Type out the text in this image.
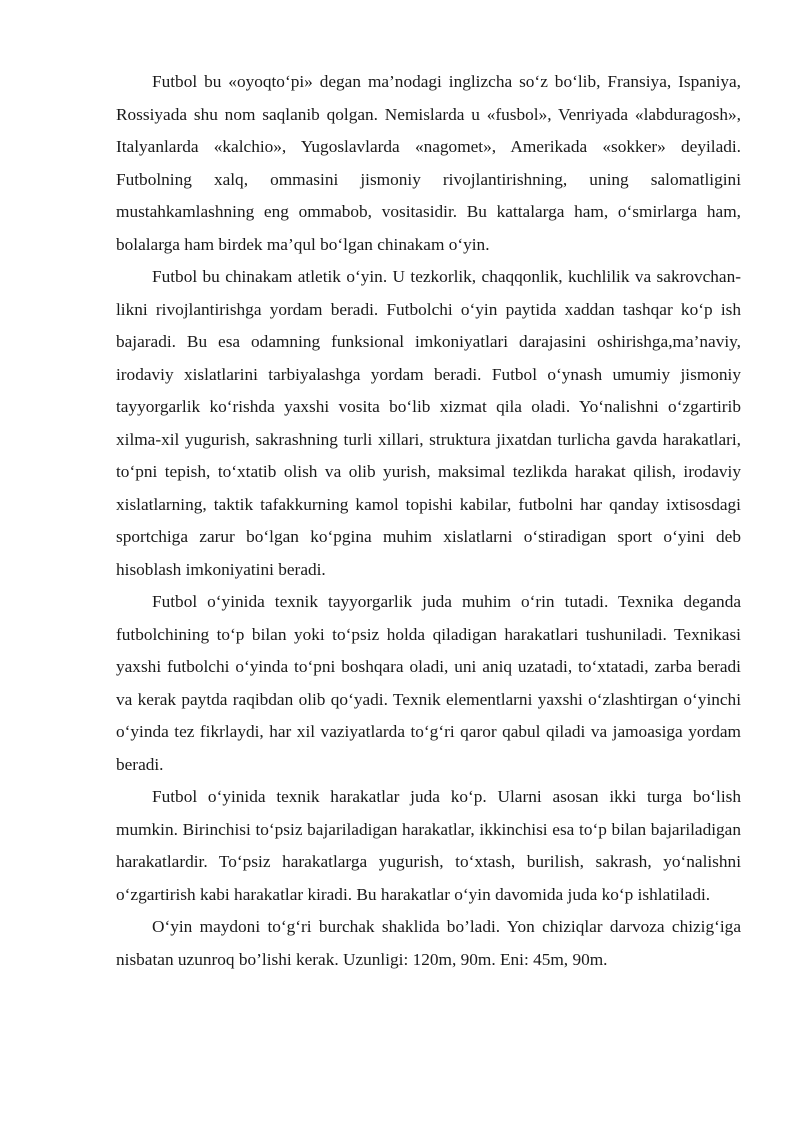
Futbol bu «oyoqto‘pi» degan ma’nodagi inglizcha so‘z bo‘lib, Fransiya, Ispaniya, Rossiyada shu nom saqlanib qolgan. Nemislarda u «fusbol», Venriyada «labduragosh», Italyanlarda «kalchio», Yugoslavlarda «nagomet», Amerikada «sokker» deyiladi. Futbolning xalq, ommasini jismoniy rivojlantirishning, uning salomatligini mustahkamlashning eng ommabob, vositasidir. Bu kattalarga ham, o‘smirlarga ham, bolalarga ham birdek ma’qul bo‘lgan chinakam o‘yin.

Futbol bu chinakam atletik o‘yin. U tezkorlik, chaqqonlik, kuchlilik va sakrovchan-likni rivojlantirishga yordam beradi. Futbolchi o‘yin paytida xaddan tashqar ko‘p ish bajaradi. Bu esa odamning funksional imkoniyatlari darajasini oshirishga,ma’naviy, irodaviy xislatlarini tarbiyalashga yordam beradi. Futbol o‘ynash umumiy jismoniy tayyorgarlik ko‘rishda yaxshi vosita bo‘lib xizmat qila oladi. Yo‘nalishni o‘zgartirib xilma-xil yugurish, sakrashning turli xillari, struktura jixatdan turlicha gavda harakatlari, to‘pni tepish, to‘xtatib olish va olib yurish, maksimal tezlikda harakat qilish, irodaviy xislatlarning, taktik tafakkurning kamol topishi kabilar, futbolni har qanday ixtisosdagi sportchiga zarur bo‘lgan ko‘pgina muhim xislatlarni o‘stiradigan sport o‘yini deb hisoblash imkoniyatini beradi.

Futbol o‘yinida texnik tayyorgarlik juda muhim o‘rin tutadi. Texnika deganda futbolchining to‘p bilan yoki to‘psiz holda qiladigan harakatlari tushuniladi. Texnikasi yaxshi futbolchi o‘yinda to‘pni boshqara oladi, uni aniq uzatadi, to‘xtatadi, zarba beradi va kerak paytda raqibdan olib qo‘yadi. Texnik elementlarni yaxshi o‘zlashtirgan o‘yinchi o‘yinda tez fikrlaydi, har xil vaziyatlarda to‘g‘ri qaror qabul qiladi va jamoasiga yordam beradi.

Futbol o‘yinida texnik harakatlar juda ko‘p. Ularni asosan ikki turga bo‘lish mumkin. Birinchisi to‘psiz bajariladigan harakatlar, ikkinchisi esa to‘p bilan bajariladigan harakatlardir. To‘psiz harakatlarga yugurish, to‘xtash, burilish, sakrash, yo‘nalishni o‘zgartirish kabi harakatlar kiradi. Bu harakatlar o‘yin davomida juda ko‘p ishlatiladi.

O‘yin maydoni to‘g‘ri burchak shaklida bo’ladi. Yon chiziqlar darvoza chizig‘iga nisbatan uzunroq bo’lishi kerak. Uzunligi: 120m, 90m. Eni: 45m, 90m.
